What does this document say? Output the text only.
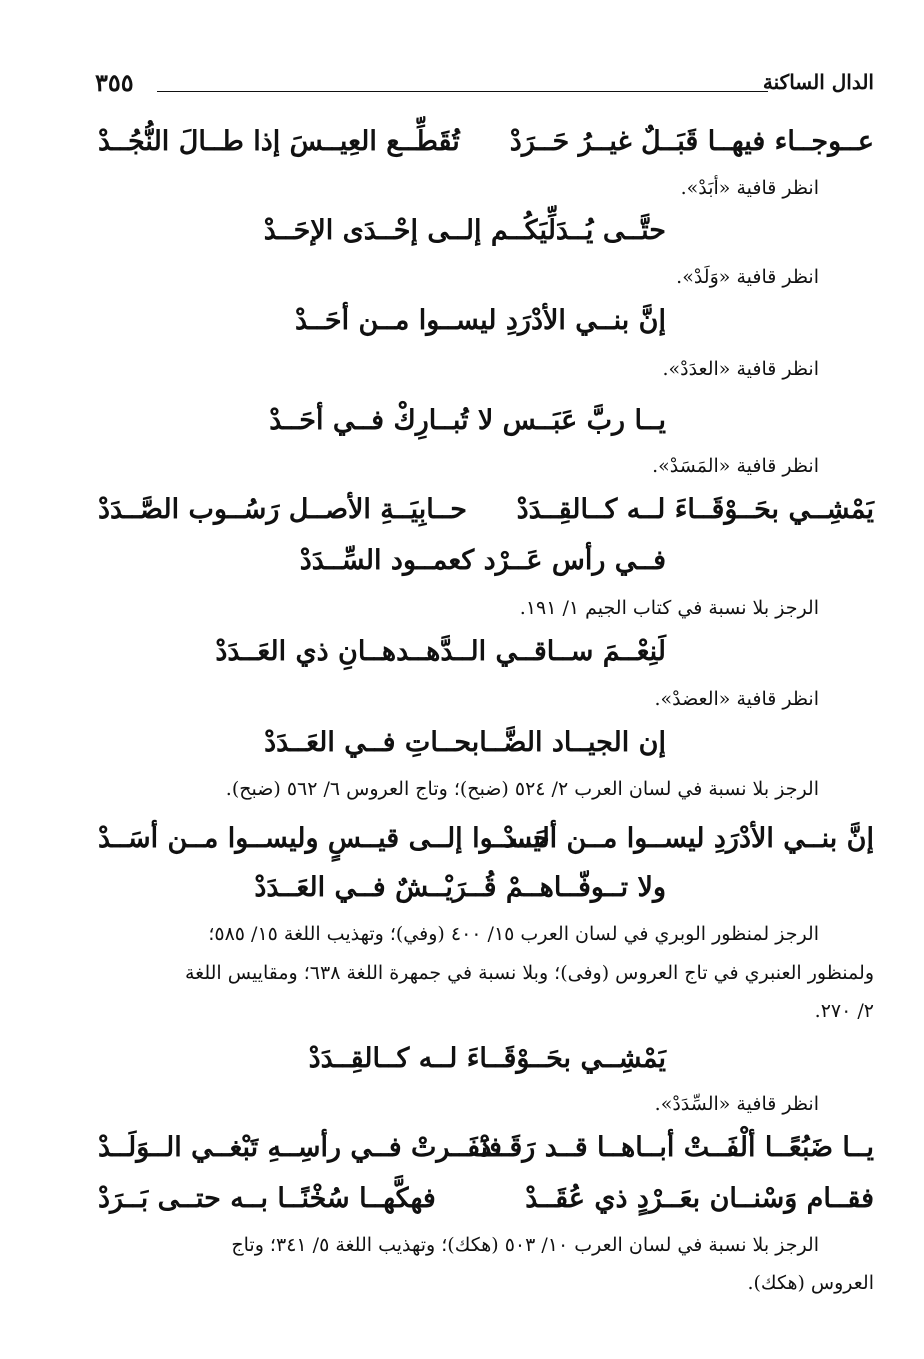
الدال الساكنة
٣٥٥
عــوجــاء فيهــا قَبَــلٌ غيــرُ حَــرَدْ
تُقَطِّــع العِيــسَ إذا طــالَ النُّجُــدْ
انظر قافية «أبَدْ».
حتَّــى يُــدَلِّيَكُــم إلــى إحْــدَى الإحَــدْ
انظر قافية «وَلَدْ».
إنَّ بنــي الأدْرَدِ ليســوا مــن أحَــدْ
انظر قافية «العدَدْ».
يــا ربَّ عَبَــس لا تُبــارِكْ فــي أحَــدْ
انظر قافية «المَسَدْ».
يَمْشِــي بحَــوْقَــاءَ لــه كــالقِــدَدْ
حــابِيَــةِ الأصــل رَسُــوب الصَّــدَدْ
فــي رأس عَــرْد كعمــود السِّــدَدْ
الرجز بلا نسبة في كتاب الجيم ١/ ١٩١.
لَنِعْــمَ ســاقــي الــدَّهــدهــانِ ذي العَــدَدْ
انظر قافية «العضدْ».
إن الجيــاد الضَّــابحــاتِ فــي العَــدَدْ
الرجز بلا نسبة في لسان العرب ٢/ ٥٢٤ (ضبح)؛ وتاج العروس ٦/ ٥٦٢ (ضبح).
إنَّ بنــي الأدْرَدِ ليســوا مــن أحَــدْ
ليســوا إلــى قيــسٍ وليســوا مــن أسَــدْ
ولا تــوفّــاهــمْ قُــرَيْــشٌ فــي العَــدَدْ
الرجز لمنظور الوبري في لسان العرب ١٥/ ٤٠٠ (وفي)؛ وتهذيب اللغة ١٥/ ٥٨٥؛
ولمنظور العنبري في تاج العروس (وفى)؛ وبلا نسبة في جمهرة اللغة ٦٣٨؛ ومقاييس اللغة
٢/ ٢٧٠.
يَمْشِــي بحَــوْقَــاءَ لــه كــالقِــدَدْ
انظر قافية «السِّدَدْ».
يــا ضَبُعًــا ألْفَــتْ أبــاهــا قــد رَقَــدْ
فنَفَــرتْ فــي رأسِــهِ تَبْغــي الــوَلَــدْ
فقــام وَسْنــان بعَــرْدٍ ذي عُقَــدْ
فهكَّهــا سُخْنًــا بــه حتــى بَــرَدْ
الرجز بلا نسبة في لسان العرب ١٠/ ٥٠٣ (هكك)؛ وتهذيب اللغة ٥/ ٣٤١؛ وتاج
العروس (هكك).
